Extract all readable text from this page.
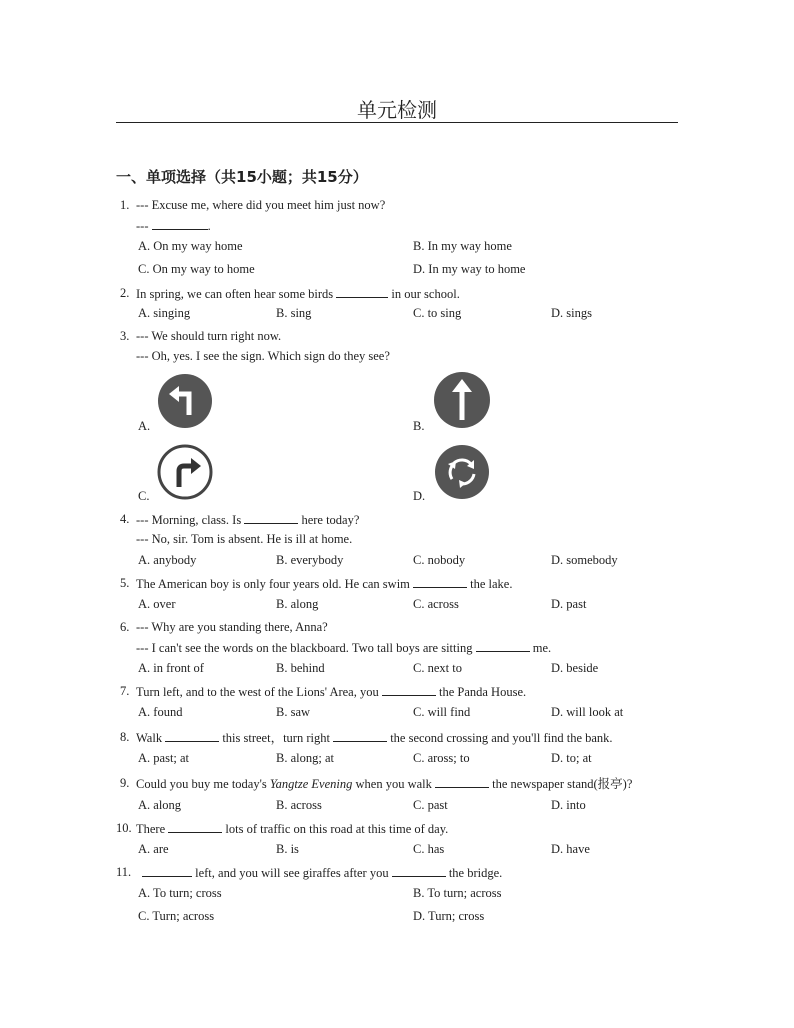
单元检测
一、单项选择（共15小题；共15分）
1. --- Excuse me, where did you meet him just now?
---	.
A. On my way home	B. In my way home
C. On my way to home	D. In my way to home
2. In spring, we can often hear some birds	in our school.
A. singing	B. sing	C. to sing	D. sings
3. --- We should turn right now.
--- Oh, yes. I see the sign. Which sign do they see?
A.	B.
C.	D.
4. --- Morning, class. Is	here today?
--- No, sir. Tom is absent. He is ill at home.
A. anybody	B. everybody	C. nobody	D. somebody
5. The American boy is only four years old. He can swim	the lake.
A. over	B. along	C. across	D. past
6. --- Why are you standing there, Anna?
--- I can't see the words on the blackboard. Two tall boys are sitting	me.
A. in front of	B. behind	C. next to	D. beside
7. Turn left, and to the west of the Lions' Area, you	the Panda House.
A. found	B. saw	C. will find	D. will look at
8. Walk	this street，turn right	the second crossing and you'll find the bank.
A. past; at	B. along; at	C. aross; to	D. to; at
9. Could you buy me today's Yangtze Evening when you walk	the newspaper stand(报亭)?
A. along	B. across	C. past	D. into
10. There	lots of traffic on this road at this time of day.
A. are	B. is	C. has	D. have
11.	left, and you will see giraffes after you	the bridge.
A. To turn; cross	B. To turn; across
C. Turn; across	D. Turn; cross
